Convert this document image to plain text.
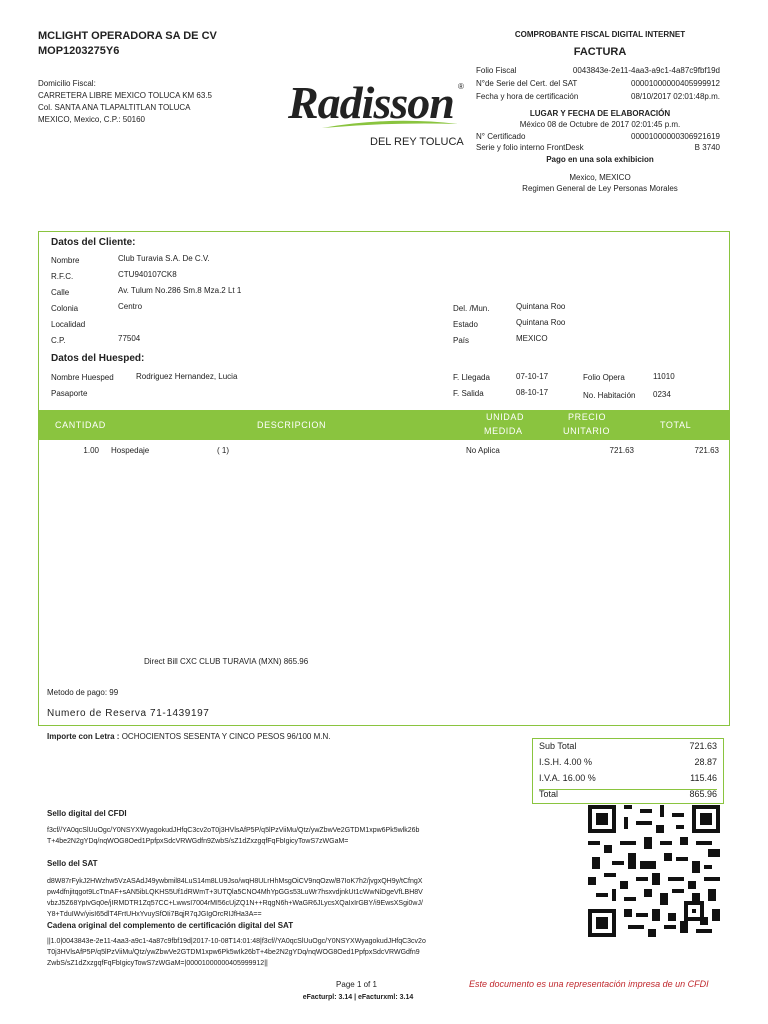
MCLIGHT OPERADORA SA DE CV
MOP1203275Y6
Domicilio Fiscal:
CARRETERA LIBRE MEXICO TOLUCA KM 63.5
Col. SANTA ANA TLAPALTITLAN TOLUCA
MEXICO, Mexico, C.P.: 50160	Radisson ®
DEL REY TOLUCA
COMPROBANTE FISCAL DIGITAL INTERNET
FACTURA
Folio Fiscal	0043843e-2e11-4aa3-a9c1-4a87c9fbf19d
N°de Serie del Cert. del SAT	00001000000405999912
Fecha y hora de certificación	08/10/2017 02:01:48p.m.
LUGAR Y FECHA DE ELABORACIÓN
México 08 de Octubre de 2017 02:01:45 p.m.
N° Certificado	00001000000306921619
Serie y folio interno FrontDesk	B 3740
Pago en una sola exhibicion
Mexico, MEXICO
Regimen General de Ley Personas Morales
Datos del Cliente:
Nombre	Club Turavia S.A. De C.V.
R.F.C.	CTU940107CK8
Calle	Av. Tulum No.286 Sm.8 Mza.2 Lt 1
Colonia	Centro
Localidad
C.P.	77504
Del. /Mun.	Quintana Roo
Estado	Quintana Roo
País	MEXICO
Datos del Huesped:
Nombre Huesped	Rodriguez Hernandez, Lucia
Pasaporte
F. Llegada	07-10-17
F. Salida	08-10-17
Folio Opera	11010
No. Habitación 0234
CANTIDAD	DESCRIPCION
UNIDAD
MEDIDA
PRECIO
UNITARIO
TOTAL
1.00 Hospedaje	( 1)	No Aplica	721.63	721.63
Direct Bill CXC CLUB TURAVIA (MXN) 865.96
Metodo de pago: 99
Numero de Reserva 71-1439197
Importe con Letra : OCHOCIENTOS SESENTA Y CINCO PESOS 96/100 M.N.
Sub Total	721.63
I.S.H. 4.00 %	28.87
I.V.A. 16.00 %	115.46
Total	865.96
Sello digital del CFDI
f3cf//YA0qcSlUuOgc/Y0NSYXWyagokudJHfqC3cv2oT0j3HVlsAfP5P/q5lPzViiMu/Qtz/ywZbwVe2GTDM1xpw6Pk5wlk26b
T+4be2N2gYDq/nqWOG8Oed1PpfpxSdcVRWGdfn9ZwbS/sZ1dZxzgqfFqFbIgicyTowS7zWGaM=
Sello del SAT
d8W87rFykJ2HWzhw5VzASAdJ49ywbmil84LuS14m8LU9Jso/wqH8ULrHhMsgOiCV9nqOzw/B7IoK7h2/jvgxQH9y/tCfngX
pw4dfnjitqgot9LcTtnAF+sAN5ibLQKHS5Uf1dRWmT+3UTQla5CNO4MhYpGGs53LuWr7hsxvdjnkUt1cWwNiDgeVfLBH8V
vbzJ5Z68YpIvGq0e/jIRMDTR1Zq57CC+LwwsI7004rMI56cUjZQ1N++RqgN6h+WaGR6JLycsXQaIxIrGBY/i9EwsXSgi0wJ/
Y8+TduIWv/yisI65dlT4FrtUHxYvuySfOIi7BqjR7qJGIgOrcRIJfHa3A==
Cadena original del complemento de certificación digital del SAT
||1.0|0043843e-2e11-4aa3-a9c1-4a87c9fbf19d|2017-10-08T14:01:48|f3cf//YA0qcSlUuOgc/Y0NSYXWyagokudJHfqC3cv2o
T0j3HVlsAfP5P/q5lPzViiMu/Qtz/ywZbwVe2GTDM1xpw6Pk5wIk26bT+4be2N2gYDq/nqWOG8Oed1PpfpxSdcVRWGdfn9
ZwbS/sZ1dZxzgqfFqFbIgicyTowS7zWGaM=|00001000000405999912||
Page 1 of 1
eFacturpl: 3.14 | eFacturxml: 3.14
Este documento es una representación impresa de un CFDI
